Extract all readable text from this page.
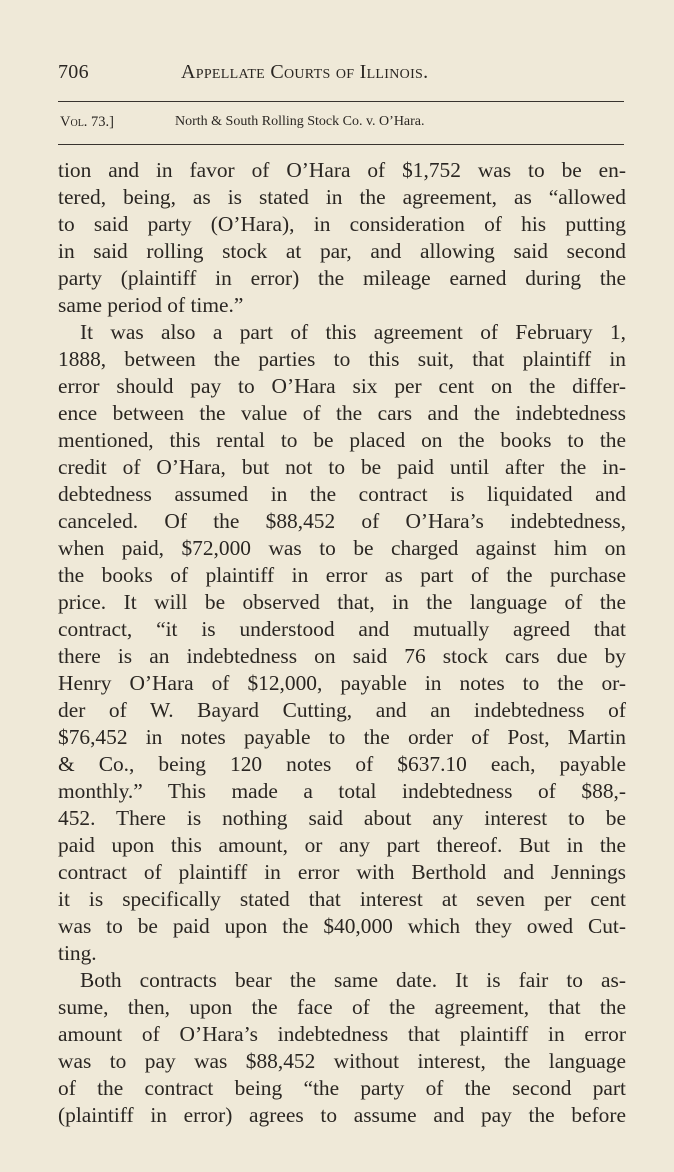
706	Appellate Courts of Illinois.
Vol. 73.]	North & South Rolling Stock Co. v. O’Hara.
tion and in favor of O’Hara of $1,752 was to be en-
tered, being, as is stated in the agreement, as “allowed
to said party (O’Hara), in consideration of his putting
in said rolling stock at par, and allowing said second
party (plaintiff in error) the mileage earned during the
same period of time.”
It was also a part of this agreement of February 1,
1888, between the parties to this suit, that plaintiff in
error should pay to O’Hara six per cent on the differ-
ence between the value of the cars and the indebtedness
mentioned, this rental to be placed on the books to the
credit of O’Hara, but not to be paid until after the in-
debtedness assumed in the contract is liquidated and
canceled. Of the $88,452 of O’Hara’s indebtedness,
when paid, $72,000 was to be charged against him on
the books of plaintiff in error as part of the purchase
price. It will be observed that, in the language of the
contract, “it is understood and mutually agreed that
there is an indebtedness on said 76 stock cars due by
Henry O’Hara of $12,000, payable in notes to the or-
der of W. Bayard Cutting, and an indebtedness of
$76,452 in notes payable to the order of Post, Martin
& Co., being 120 notes of $637.10 each, payable
monthly.” This made a total indebtedness of $88,-
452. There is nothing said about any interest to be
paid upon this amount, or any part thereof. But in the
contract of plaintiff in error with Berthold and Jennings
it is specifically stated that interest at seven per cent
was to be paid upon the $40,000 which they owed Cut-
ting.
Both contracts bear the same date. It is fair to as-
sume, then, upon the face of the agreement, that the
amount of O’Hara’s indebtedness that plaintiff in error
was to pay was $88,452 without interest, the language
of the contract being “the party of the second part
(plaintiff in error) agrees to assume and pay the before
